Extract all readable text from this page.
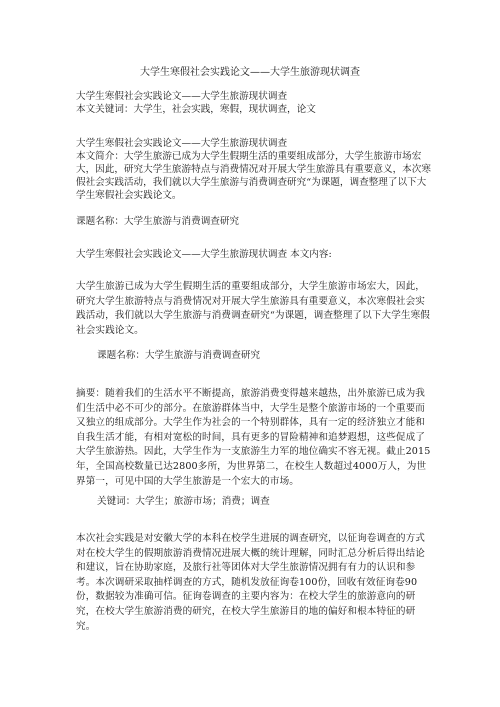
大学生寒假社会实践论文——大学生旅游现状调查

大学生寒假社会实践论文——大学生旅游现状调查

本文关键词：大学生，社会实践，寒假，现状调查，论文

大学生寒假社会实践论文——大学生旅游现状调查

本文简介：大学生旅游已成为大学生假期生活的重要组成部分，大学生旅游市场宏大，因此，研究大学生旅游特点与消费情况对开展大学生旅游具有重要意义，本次寒假社会实践活动，我们就以大学生旅游与消费调查研究“为课题，调查整理了以下大学生寒假社会实践论文。

课题名称：大学生旅游与消费调查研究

大学生寒假社会实践论文——大学生旅游现状调查 本文内容:

大学生旅游已成为大学生假期生活的重要组成部分，大学生旅游市场宏大，因此，研究大学生旅游特点与消费情况对开展大学生旅游具有重要意义，本次寒假社会实践活动，我们就以大学生旅游与消费调查研究“为课题，调查整理了以下大学生寒假社会实践论文。

课题名称：大学生旅游与消费调查研究

摘要：随着我们的生活水平不断提高，旅游消费变得越来越热，出外旅游已成为我们生活中必不可少的部分。在旅游群体当中，大学生是整个旅游市场的一个重要而又独立的组成部分。大学生作为社会的一个特别群体，具有一定的经济独立才能和自我生活才能，有相对宽松的时间，具有更多的冒险精神和追梦遐想，这些促成了大学生旅游热。因此，大学生作为一支旅游生力军的地位确实不容无视。截止2015年，全国高校数量已达2800多所，为世界第二，在校生人数超过4000万人，为世界第一，可见中国的大学生旅游是一个宏大的市场。

关键词：大学生；旅游市场；消费；调查

本次社会实践是对安徽大学的本科在校学生进展的调查研究，以征询卷调查的方式对在校大学生的假期旅游消费情况进展大概的统计理解，同时汇总分析后得出结论和建议，旨在协助家庭，及旅行社等团体对大学生旅游情况拥有有力的认识和参考。本次调研采取抽样调查的方式，随机发放征询卷100份，回收有效征询卷90份，数据较为准确可信。征询卷调查的主要内容为：在校大学生的旅游意向的研究，在校大学生旅游消费的研究，在校大学生旅游目的地的偏好和根本特征的研究。
